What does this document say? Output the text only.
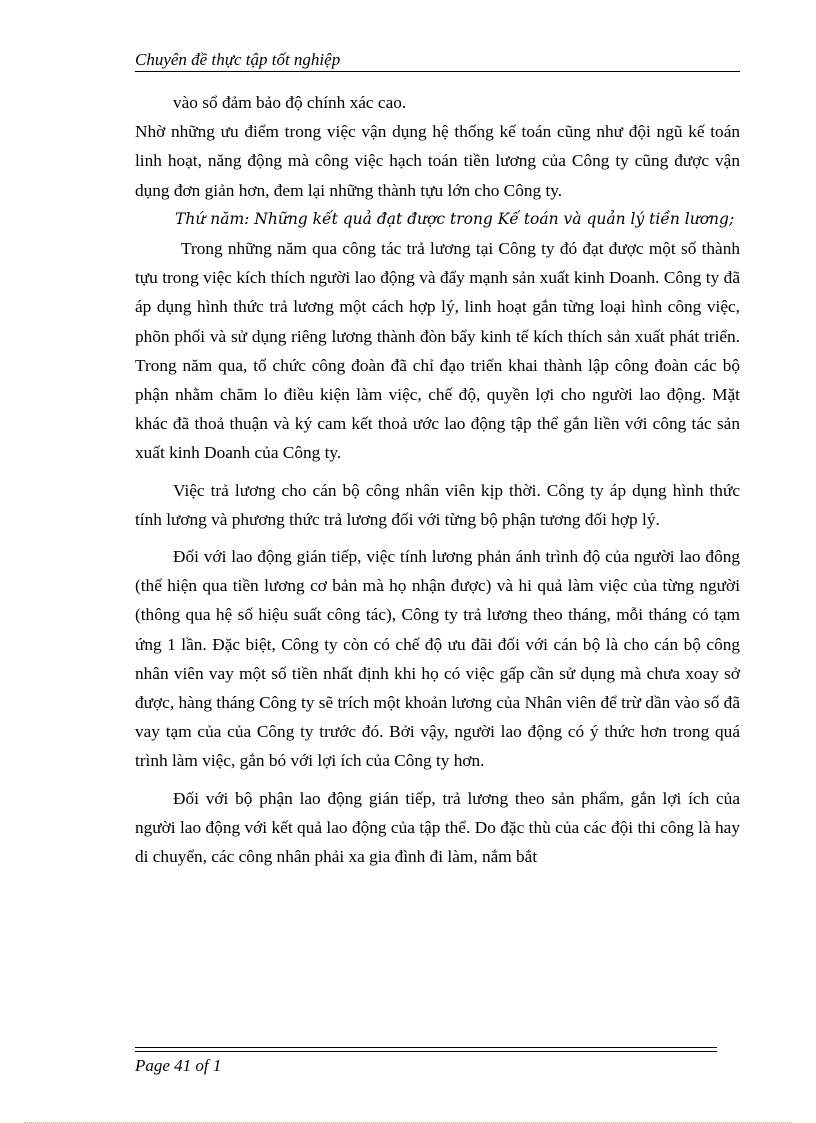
Chuyên đề thực tập tốt nghiệp

vào sổ đảm bảo độ chính xác cao.

Nhờ những ưu điểm trong việc vận dụng hệ thống kế toán cũng như đội ngũ kế toán linh hoạt, năng động mà công việc hạch toán tiền lương của Công ty cũng được vận dụng đơn giản hơn, đem lại những thành tựu lớn cho Công ty.

Thứ năm: Những kết quả đạt được trong Kế toán và quản lý tiền lương;

Trong những năm qua công tác trả lương tại Công ty đó đạt được một số thành tựu trong việc kích thích người lao động và đẩy mạnh sản xuất kinh Doanh. Công ty đã áp dụng hình thức trả lương một cách hợp lý, linh hoạt gắn từng loại hình công việc, phõn phối và sử dụng riêng lương thành đòn bẩy kinh tế kích thích sản xuất phát triển. Trong năm qua, tổ chức công đoàn đã chỉ đạo triển khai thành lập công đoàn các bộ phận nhằm chăm lo điều kiện làm việc, chế độ, quyền lợi cho người lao động. Mặt khác đã thoả thuận và ký cam kết thoả ước lao động tập thể gắn liền với công tác sản xuất kinh Doanh của Công ty.

Việc trả lương cho cán bộ công nhân viên kịp thời. Công ty áp dụng hình thức tính lương và phương thức trả lương đối với từng bộ phận tương đối hợp lý.

Đối với lao động gián tiếp, việc tính lương phản ánh trình độ của người lao đông (thể hiện qua tiền lương cơ bản mà họ nhận được) và hi quả làm việc của từng người (thông qua hệ số hiệu suất công tác), Công ty trả lương theo tháng, mỗi tháng có tạm ứng 1 lần. Đặc biệt, Công ty còn có chế độ ưu đãi đối với cán bộ là cho cán bộ công nhân viên vay một số tiền nhất định khi họ có việc gấp cần sử dụng mà chưa xoay sở được, hàng tháng Công ty sẽ trích một khoản lương của Nhân viên để trừ dần vào số đã vay tạm của của Công ty trước đó. Bởi vậy, người lao động có ý thức hơn trong quá trình làm việc, gắn bó với lợi ích của Công ty hơn.

Đối với bộ phận lao động gián tiếp, trả lương theo sản phẩm, gắn lợi ích của người lao động với kết quả lao động của tập thể. Do đặc thù của các đội thi công là hay di chuyển, các công nhân phải xa gia đình đi làm, nắm bắt

Page 41 of 1
